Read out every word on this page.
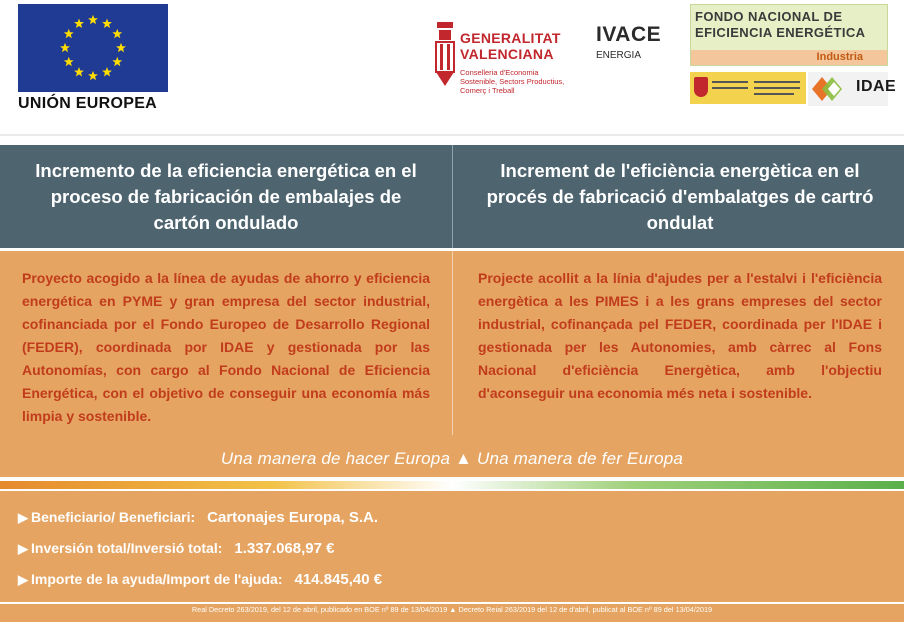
UNIÓN EUROPEA
GENERALITAT
VALENCIANA
Conselleria d'Economia
Sostenible, Sectors Productius,
Comerç i Treball
IVACE
ENERGIA
FONDO NACIONAL DE
EFICIENCIA ENERGÉTICA
Industria
IDAE
Incremento de la eficiencia energética en el
proceso de fabricación de embalajes de
cartón ondulado
Increment de l'eficiència energètica en el
procés de fabricació d'embalatges de cartró
ondulat
Proyecto acogido a la línea de ayudas de ahorro y eficiencia energética en PYME y gran empresa del sector industrial, cofinanciada por el Fondo Europeo de Desarrollo Regional (FEDER), coordinada por IDAE y gestionada por las Autonomías, con cargo al Fondo Nacional de Eficiencia Energética, con el objetivo de conseguir una economía más limpia y sostenible.
Projecte acollit a la línia d'ajudes per a l'estalvi i l'eficiència energètica a les PIMES i a les grans empreses del sector industrial, cofinançada pel FEDER, coordinada per l'IDAE i gestionada per les Autonomies, amb càrrec al Fons Nacional d'eficiència Energètica, amb l'objectiu d'aconseguir una economia més neta i sostenible.
Una manera de hacer Europa ▲ Una manera de fer Europa
▶ Beneficiario/ Beneficiari: Cartonajes Europa, S.A.
▶ Inversión total/Inversió total: 1.337.068,97 €
▶ Importe de la ayuda/Import de l'ajuda: 414.845,40 €
Real Decreto 263/2019, del 12 de abril, publicado en BOE nº 89 de 13/04/2019 ▲ Decreto Reial 263/2019 del 12 de d'abril, publicat al BOE nº 89 del 13/04/2019
